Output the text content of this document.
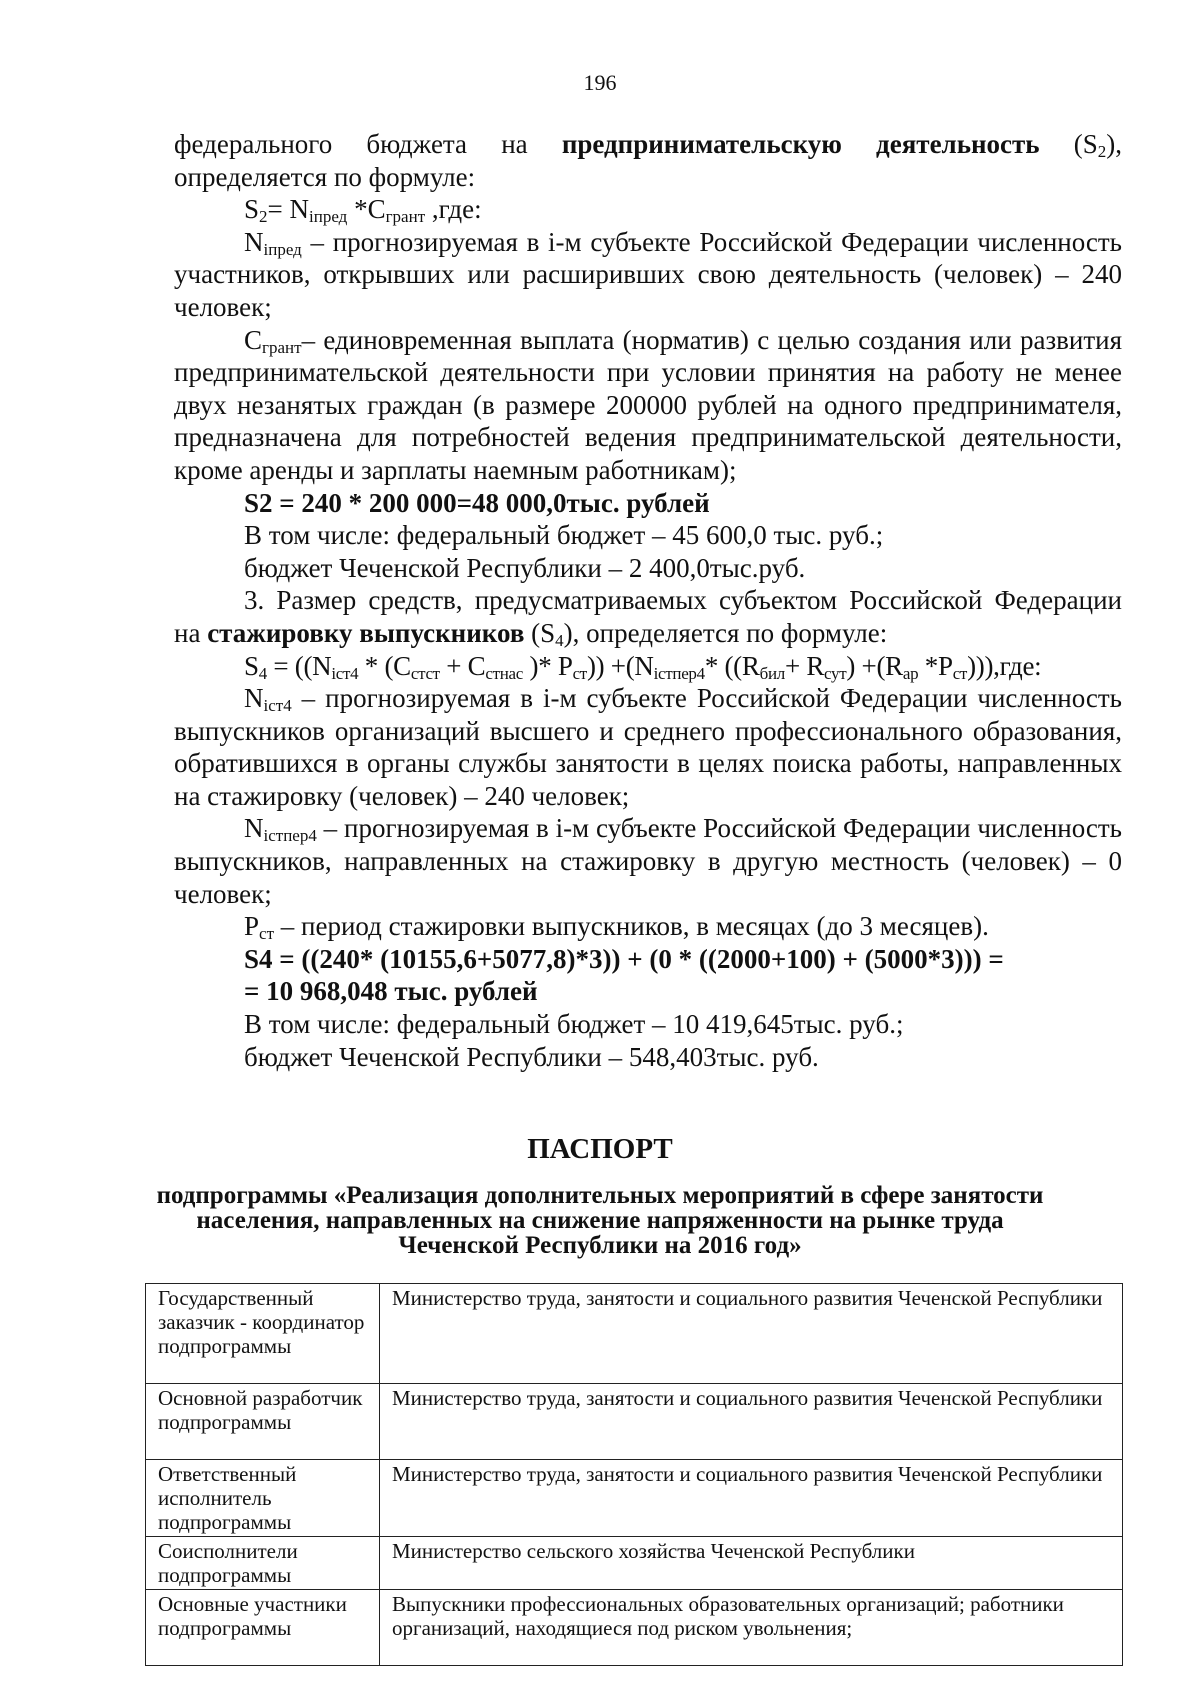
196

федерального бюджета на предпринимательскую деятельность $(S_2)$, определяется по формуле:

$S_2= N_{iпред}$ $*С_{грант}$ ,где:

$N_{iпред}$ – прогнозируемая в i-м субъекте Российской Федерации численность участников, открывших или расширивших свою деятельность (человек) – 240 человек;

$С_{грант}-$ единовременная выплата (норматив) с целью создания или развития предпринимательской деятельности при условии принятия на работу не менее двух незанятых граждан (в размере 200000 рублей на одного предпринимателя, предназначена для потребностей ведения предпринимательской деятельности, кроме аренды и зарплаты наемным работникам);

S2 = 240 * 200 000=48 000,0тыс. рублей

В том числе: федеральный бюджет – 45 600,0 тыс. руб.;

бюджет Чеченской Республики – 2 400,0тыс.руб.

3. Размер средств, предусматриваемых субъектом Российской Федерации на стажировку выпускников $(S_4)$, определяется по формуле:

$S_4 = ((N_{iст4} * (С_{стст} + С_{стнас}$ )* $Р_{ст})) +(N_{iстпер4}*$ ($(R_{бил}+ R_{сут}) +(R_{ар}$ $*Р_{ст}))),где$:

$N_{iст4}$ – прогнозируемая в i-м субъекте Российской Федерации численность выпускников организаций высшего и среднего профессионального образования, обратившихся в органы службы занятости в целях поиска работы, направленных на стажировку (человек) – 240 человек;

$N_{iстпер4}$ – прогнозируемая в i-м субъекте Российской Федерации численность выпускников, направленных на стажировку в другую местность (человек) – 0 человек;

$Р_{ст}$ – период стажировки выпускников, в месяцах (до 3 месяцев).

S4 = ((240* (10155,6+5077,8)*3)) + (0 * ((2000+100) + (5000*3))) =

= 10 968,048 тыс. рублей

В том числе: федеральный бюджет – 10 419,645тыс. руб.;

бюджет Чеченской Республики – 548,403тыс. руб.

ПАСПОРТ
подпрограммы «Реализация дополнительных мероприятий в сфере занятости населения, направленных на снижение напряженности на рынке труда Чеченской Республики на 2016 год»
Государственный заказчик - координатор подпрограммы	Министерство труда, занятости и социального развития Чеченской Республики
Основной разработчик подпрограммы	Министерство труда, занятости и социального развития Чеченской Республики
Ответственный исполнитель подпрограммы	Министерство труда, занятости и социального развития Чеченской Республики
Соисполнители подпрограммы	Министерство сельского хозяйства Чеченской Республики
Основные участники подпрограммы	Выпускники профессиональных образовательных организаций; работники организаций, находящиеся под риском увольнения;
